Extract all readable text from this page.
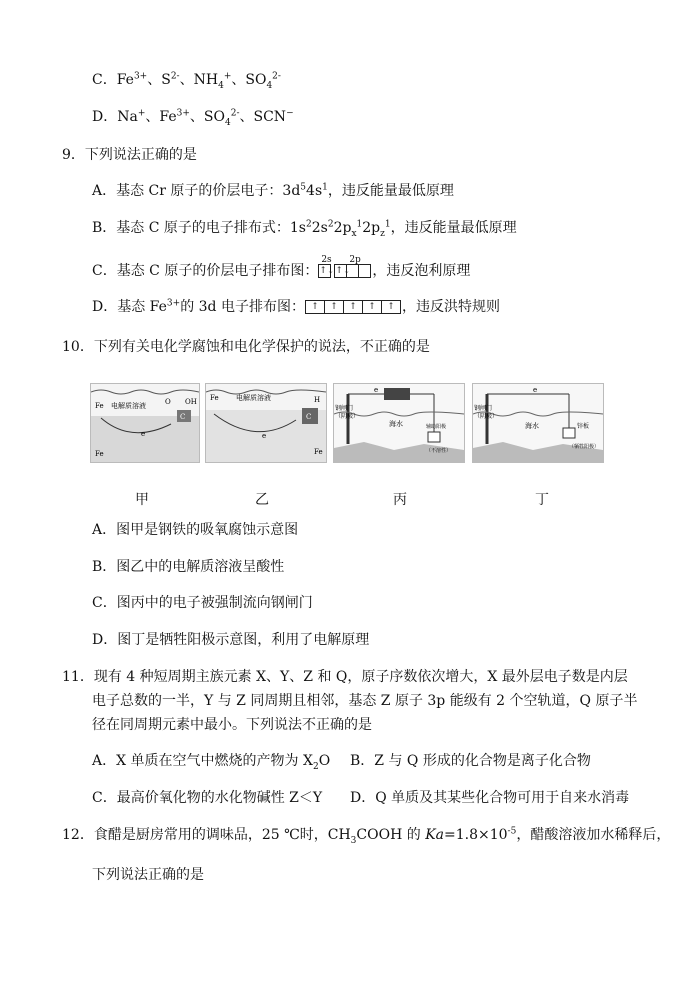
C．$Fe^{3+}$、$S^{2-}$、$NH_4^+$、$SO_4^{2-}$
D．Na+、$Fe^{3+}$、$SO_4^{2-}$、SCN−
9．下列说法正确的是
A．基态 Cr 原子的价层电子：$3d^54s^1$，违反能量最低原理
B．基态 C 原子的电子排布式：$1s^22s^22p_x^12p_z^1$，违反能量最低原理
C．基态 C 原子的价层电子排布图：
2s
↑↓
2p
↑↓ ，违反泡利原理
D．基态 $Fe^{3+}$的 3d 电子排布图： ↑ ↑ ↑ ↑ ↑ ，违反洪特规则
10．下列有关电化学腐蚀和电化学保护的说法，不正确的是
Fe 电解质溶液	O OH
C
e
Fe
Fe 电解质溶液	H
C
e
Fe
e
钢闸门
（阴极）
海水	辅助阳极
（不溶性）
e
钢闸门
（阴极）
海水	锌板
（牺牲阳极）
甲	乙	丙	丁
A．图甲是钢铁的吸氧腐蚀示意图
B．图乙中的电解质溶液呈酸性
C．图丙中的电子被强制流向钢闸门
D．图丁是牺牲阳极示意图，利用了电解原理
11．现有 4 种短周期主族元素 X、Y、Z 和 Q，原子序数依次增大，X 最外层电子数是内层
电子总数的一半，Y 与 Z 同周期且相邻，基态 Z 原子 3p 能级有 2 个空轨道，Q 原子半
径在同周期元素中最小。下列说法不正确的是
A．X 单质在空气中燃烧的产物为 $X_2O$ B．Z 与 Q 形成的化合物是离子化合物
C．最高价氧化物的水化物碱性 Z＜Y D．Q 单质及其某些化合物可用于自来水消毒
12．食醋是厨房常用的调味品，25 ℃时，$CH_3COOH$ 的 $Ka=1.8\times 10^{-5}$，醋酸溶液加水稀释后，
下列说法正确的是
